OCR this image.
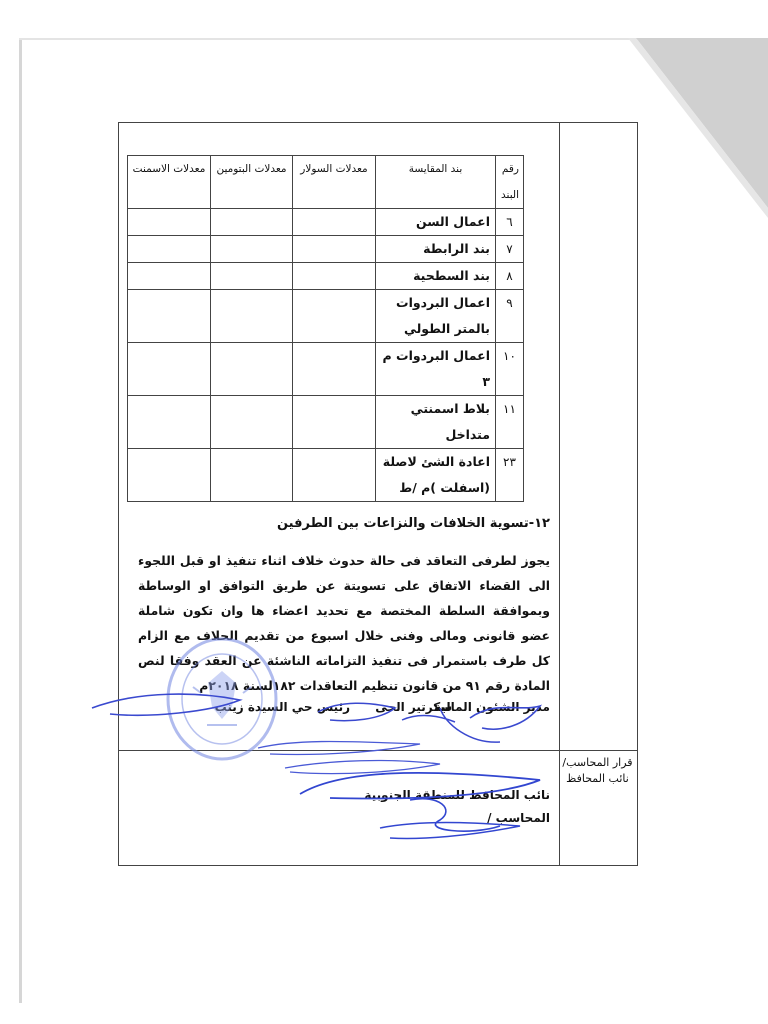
قرار المحاسب/نائب المحافظ
رقم البند	بند المقايسة	معدلات السولار	معدلات البتومين	معدلات الاسمنت
٦	اعمال السن			
٧	بند الرابطة			
٨	بند السطحية			
٩	اعمال البردوات بالمتر الطولي			
١٠	اعمال البردوات م ٣			
١١	بلاط اسمنتي متداخل			
٢٣	اعادة الشئ لاصلة (اسفلت )م /ط			
١٢-تسوية الخلافات والنزاعات بين الطرفين
يجوز لطرفى التعاقد فى حالة حدوث خلاف اثناء تنفيذ او قبل اللجوء الى القضاء الاتفاق على تسويتة عن طريق التوافق او الوساطة وبموافقة السلطة المختصة مع تحديد اعضاء ها وان تكون شاملة عضو قانونى ومالى وفنى خلال اسبوع من تقديم الحلاف مع الزام كل طرف باستمرار فى تنفيذ التزاماته الناشئة عن العقد وفقا لنص المادة رقم ٩١ من قانون تنظيم التعاقدات ١٨٢لسنة ٢٠١٨م
مدير الشئون المالية
سكرتير الحى
رئيس حي السيدة زينب
نائب المحافظ للمنطقة الجنوبية
المحاسب /
